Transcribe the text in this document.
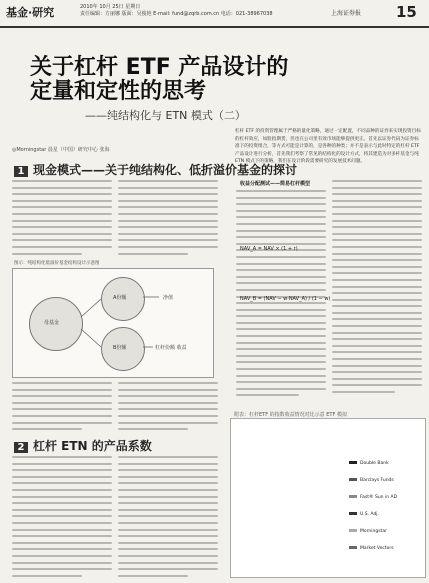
基金·研究	2010年 10月 25日 星期日
责任编辑：方丽娜 版面：吴俊艳 E-mail: fund@zqrb.com.cn 电话：021-38967038	上海证券报 15
关于杠杆 ETF 产品设计的
定量和定性的思考
——纯结构化与 ETN 模式（二）
◎Morningstar 晨星（中国）研究中心 张海
杠杆 ETF 的投资管理属于严格的量化策略，通过一定配置，不同品种的证券来实现投资目标的杠杆效应，如股指期货，但也在公司里有效市场能够提供更正。首先以证券代码为证券标准下的投资组合，等方式可能是计算的，是各种的种类；并不是表示与此时特定的杠杆 ETF 产品设计进行分析，首先我们考察了常见的结构化的设计方式，将其建造为对多杆基金与纯 ETN 模式下的策略，我们在设计阶段需要研究的发展技术问题。
1 现金模式——关于纯结构化、低折溢价基金的探讨
图示：纯结构化低溢价基金结构设计示意图
母基金
A份额
B份额
净值
杠杆份额 收益
2 杠杆 ETN 的产品系数
收益分配测试——简易杠杆模型
NAV_A = NAV × (1 + r)
NAV_B = (NAV − w·NAV_A) / (1 − w)
附表：杠杆ETF 的指数收益情况对比示意 ETF 模拟
Double Bank
Barclays Funds
Fast® Sun in AD
U.S. Adj.
Morningstar
Market Vectors
